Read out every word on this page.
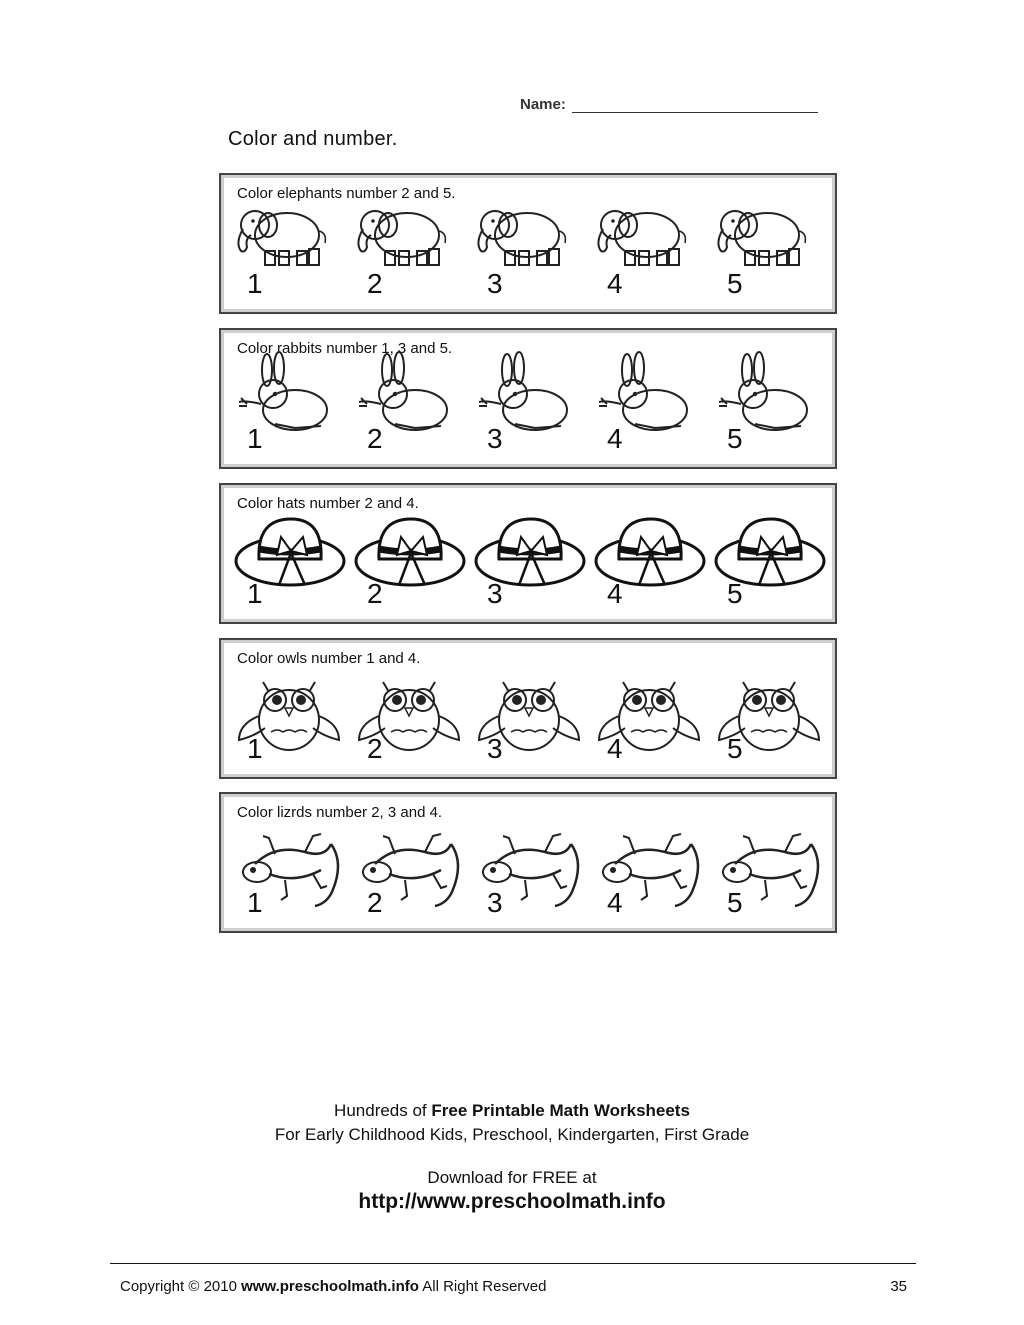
Name:
Color and number.
Color elephants number 2 and 5.
1	2	3	4	5
Color rabbits number 1, 3 and 5.
1	2	3	4	5
Color hats number 2 and 4.
1	2	3	4	5
Color owls number 1 and 4.
1	2	3	4	5
Color lizrds number 2, 3 and 4.
1	2	3	4	5
Hundreds of Free Printable Math Worksheets
For Early Childhood Kids, Preschool, Kindergarten, First Grade
Download for FREE at
http://www.preschoolmath.info
Copyright © 2010 www.preschoolmath.info All Right Reserved	35
